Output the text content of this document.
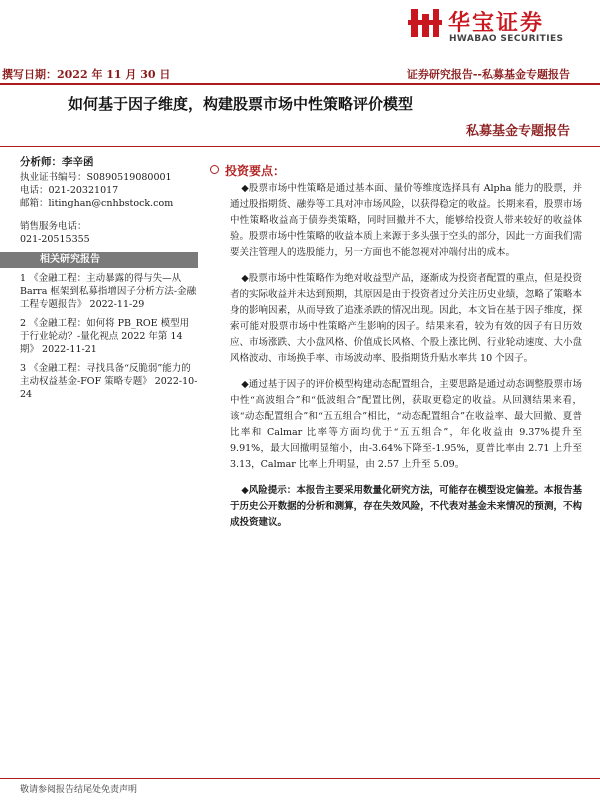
华宝证券
HWABAO SECURITIES
撰写日期：2022 年 11 月 30 日	证券研究报告--私募基金专题报告
如何基于因子维度，构建股票市场中性策略评价模型
私募基金专题报告
分析师：李辛函
执业证书编号：S0890519080001
电话：021-20321017
邮箱：litinghan@cnhbstock.com
销售服务电话：
021-20515355
相关研究报告
1 《金融工程：主动暴露的得与失—从 Barra 框架到私募指增因子分析方法-金融工程专题报告》 2022-11-29
2 《金融工程：如何将 PB_ROE 模型用于行业轮动？-量化视点 2022 年第 14 期》 2022-11-21
3 《金融工程：寻找具备“反脆弱”能力的主动权益基金-FOF 策略专题》 2022-10-24
投资要点：

◆股票市场中性策略是通过基本面、量价等维度选择具有 Alpha 能力的股票，并通过股指期货、融券等工具对冲市场风险，以获得稳定的收益。长期来看，股票市场中性策略收益高于债券类策略，同时回撤并不大，能够给投资人带来较好的收益体验。股票市场中性策略的收益本质上来源于多头强于空头的部分，因此一方面我们需要关注管理人的选股能力，另一方面也不能忽视对冲端付出的成本。

◆股票市场中性策略作为绝对收益型产品，逐渐成为投资者配置的重点，但是投资者的实际收益并未达到预期，其原因是由于投资者过分关注历史业绩，忽略了策略本身的影响因素，从而导致了追涨杀跌的情况出现。因此，本文旨在基于因子维度，探索可能对股票市场中性策略产生影响的因子。结果来看，较为有效的因子有日历效应、市场涨跌、大小盘风格、价值成长风格、个股上涨比例、行业轮动速度、大小盘风格波动、市场换手率、市场波动率、股指期货升贴水率共 10 个因子。

◆通过基于因子的评价模型构建动态配置组合，主要思路是通过动态调整股票市场中性“高波组合”和“低波组合”配置比例，获取更稳定的收益。从回测结果来看，该“动态配置组合”和“五五组合”相比，“动态配置组合”在收益率、最大回撤、夏普比率和 Calmar 比率等方面均优于“五五组合”，年化收益由 9.37%提升至 9.91%，最大回撤明显缩小，由-3.64%下降至-1.95%，夏普比率由 2.71 上升至 3.13，Calmar 比率上升明显，由 2.57 上升至 5.09。

◆风险提示：本报告主要采用数量化研究方法，可能存在模型设定偏差。本报告基于历史公开数据的分析和测算，存在失效风险，不代表对基金未来情况的预测，不构成投资建议。

敬请参阅报告结尾处免责声明
